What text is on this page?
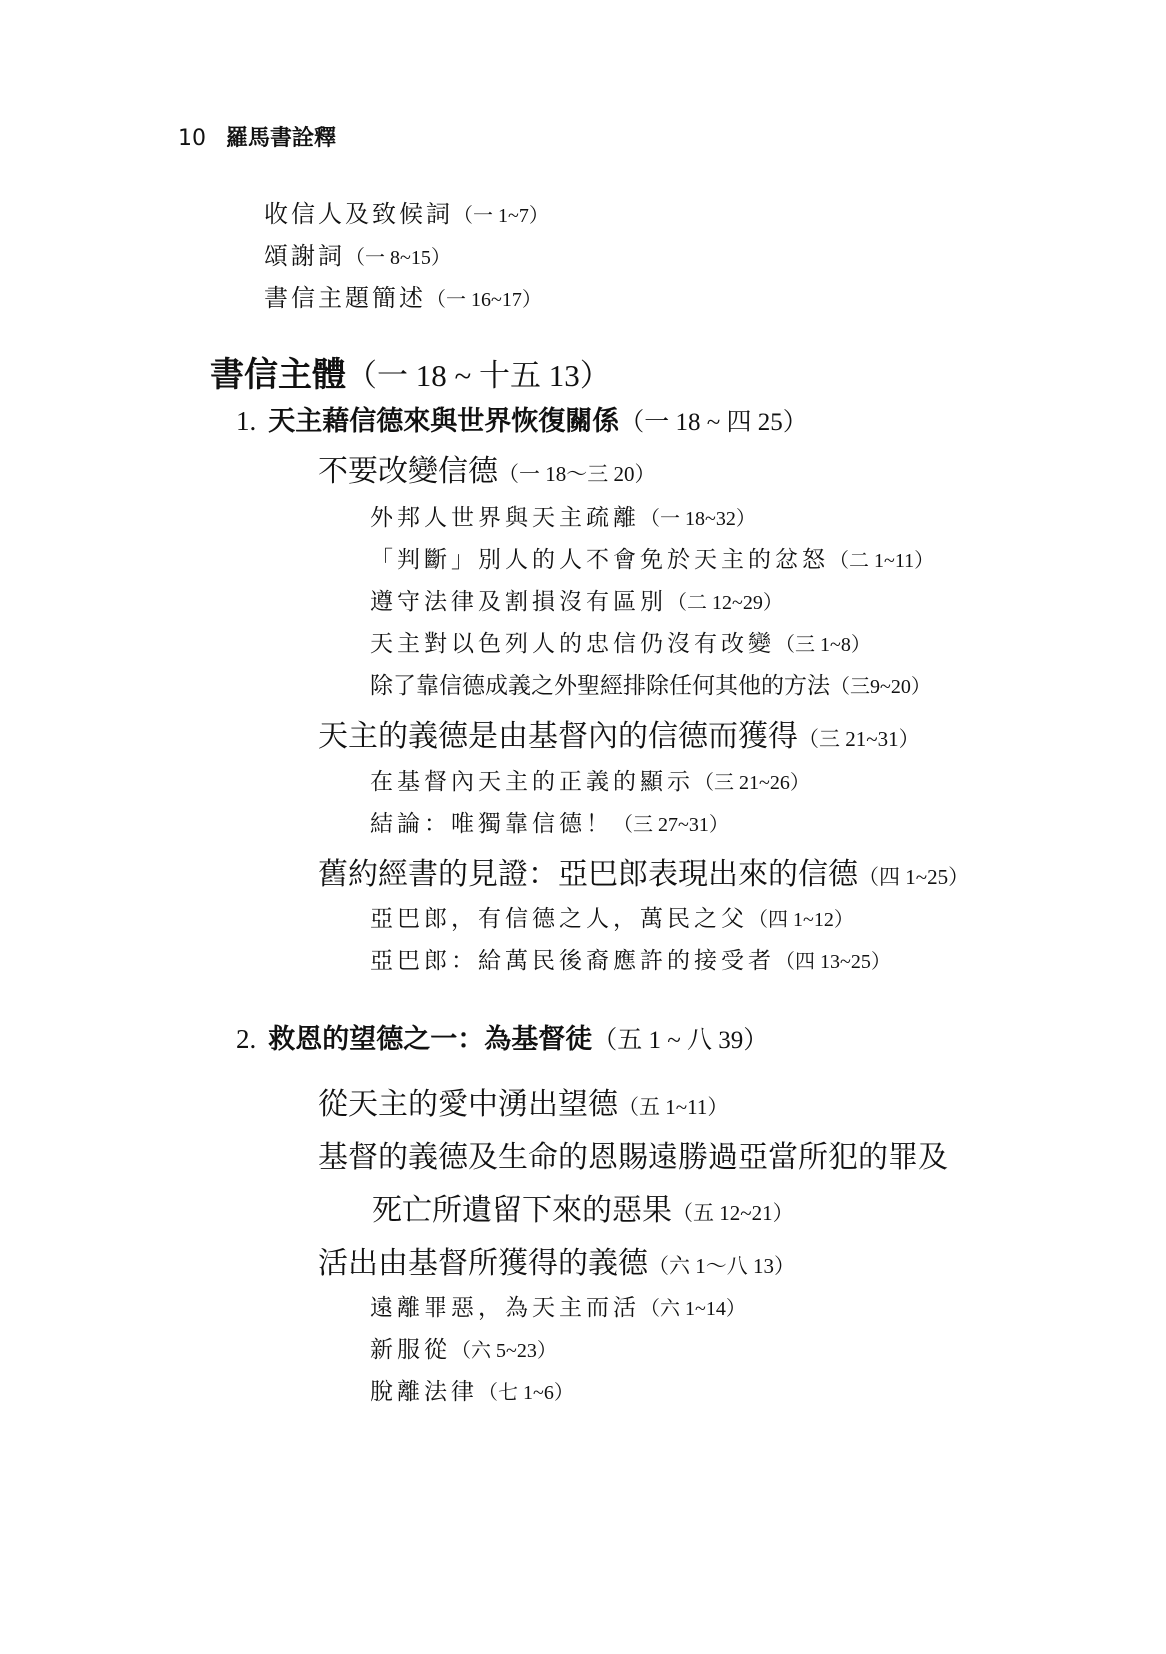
10 羅馬書詮釋
收信人及致候詞（一 1~7）
頌謝詞（一 8~15）
書信主題簡述（一 16~17）
書信主體（一 18 ~ 十五 13）
1. 天主藉信德來與世界恢復關係（一 18 ~ 四 25）
不要改變信德（一 18～三 20）
外邦人世界與天主疏離（一 18~32）
「判斷」別人的人不會免於天主的忿怒（二 1~11）
遵守法律及割損沒有區別（二 12~29）
天主對以色列人的忠信仍沒有改變（三 1~8）
除了靠信德成義之外聖經排除任何其他的方法（三9~20）
天主的義德是由基督內的信德而獲得（三 21~31）
在基督內天主的正義的顯示（三 21~26）
結論：唯獨靠信德！（三 27~31）
舊約經書的見證：亞巴郎表現出來的信德（四 1~25）
亞巴郎，有信德之人，萬民之父（四 1~12）
亞巴郎：給萬民後裔應許的接受者（四 13~25）
2. 救恩的望德之一：為基督徒（五 1 ~ 八 39）
從天主的愛中湧出望德（五 1~11）
基督的義德及生命的恩賜遠勝過亞當所犯的罪及
死亡所遺留下來的惡果（五 12~21）
活出由基督所獲得的義德（六 1～八 13）
遠離罪惡，為天主而活（六 1~14）
新服從（六 5~23）
脫離法律（七 1~6）
